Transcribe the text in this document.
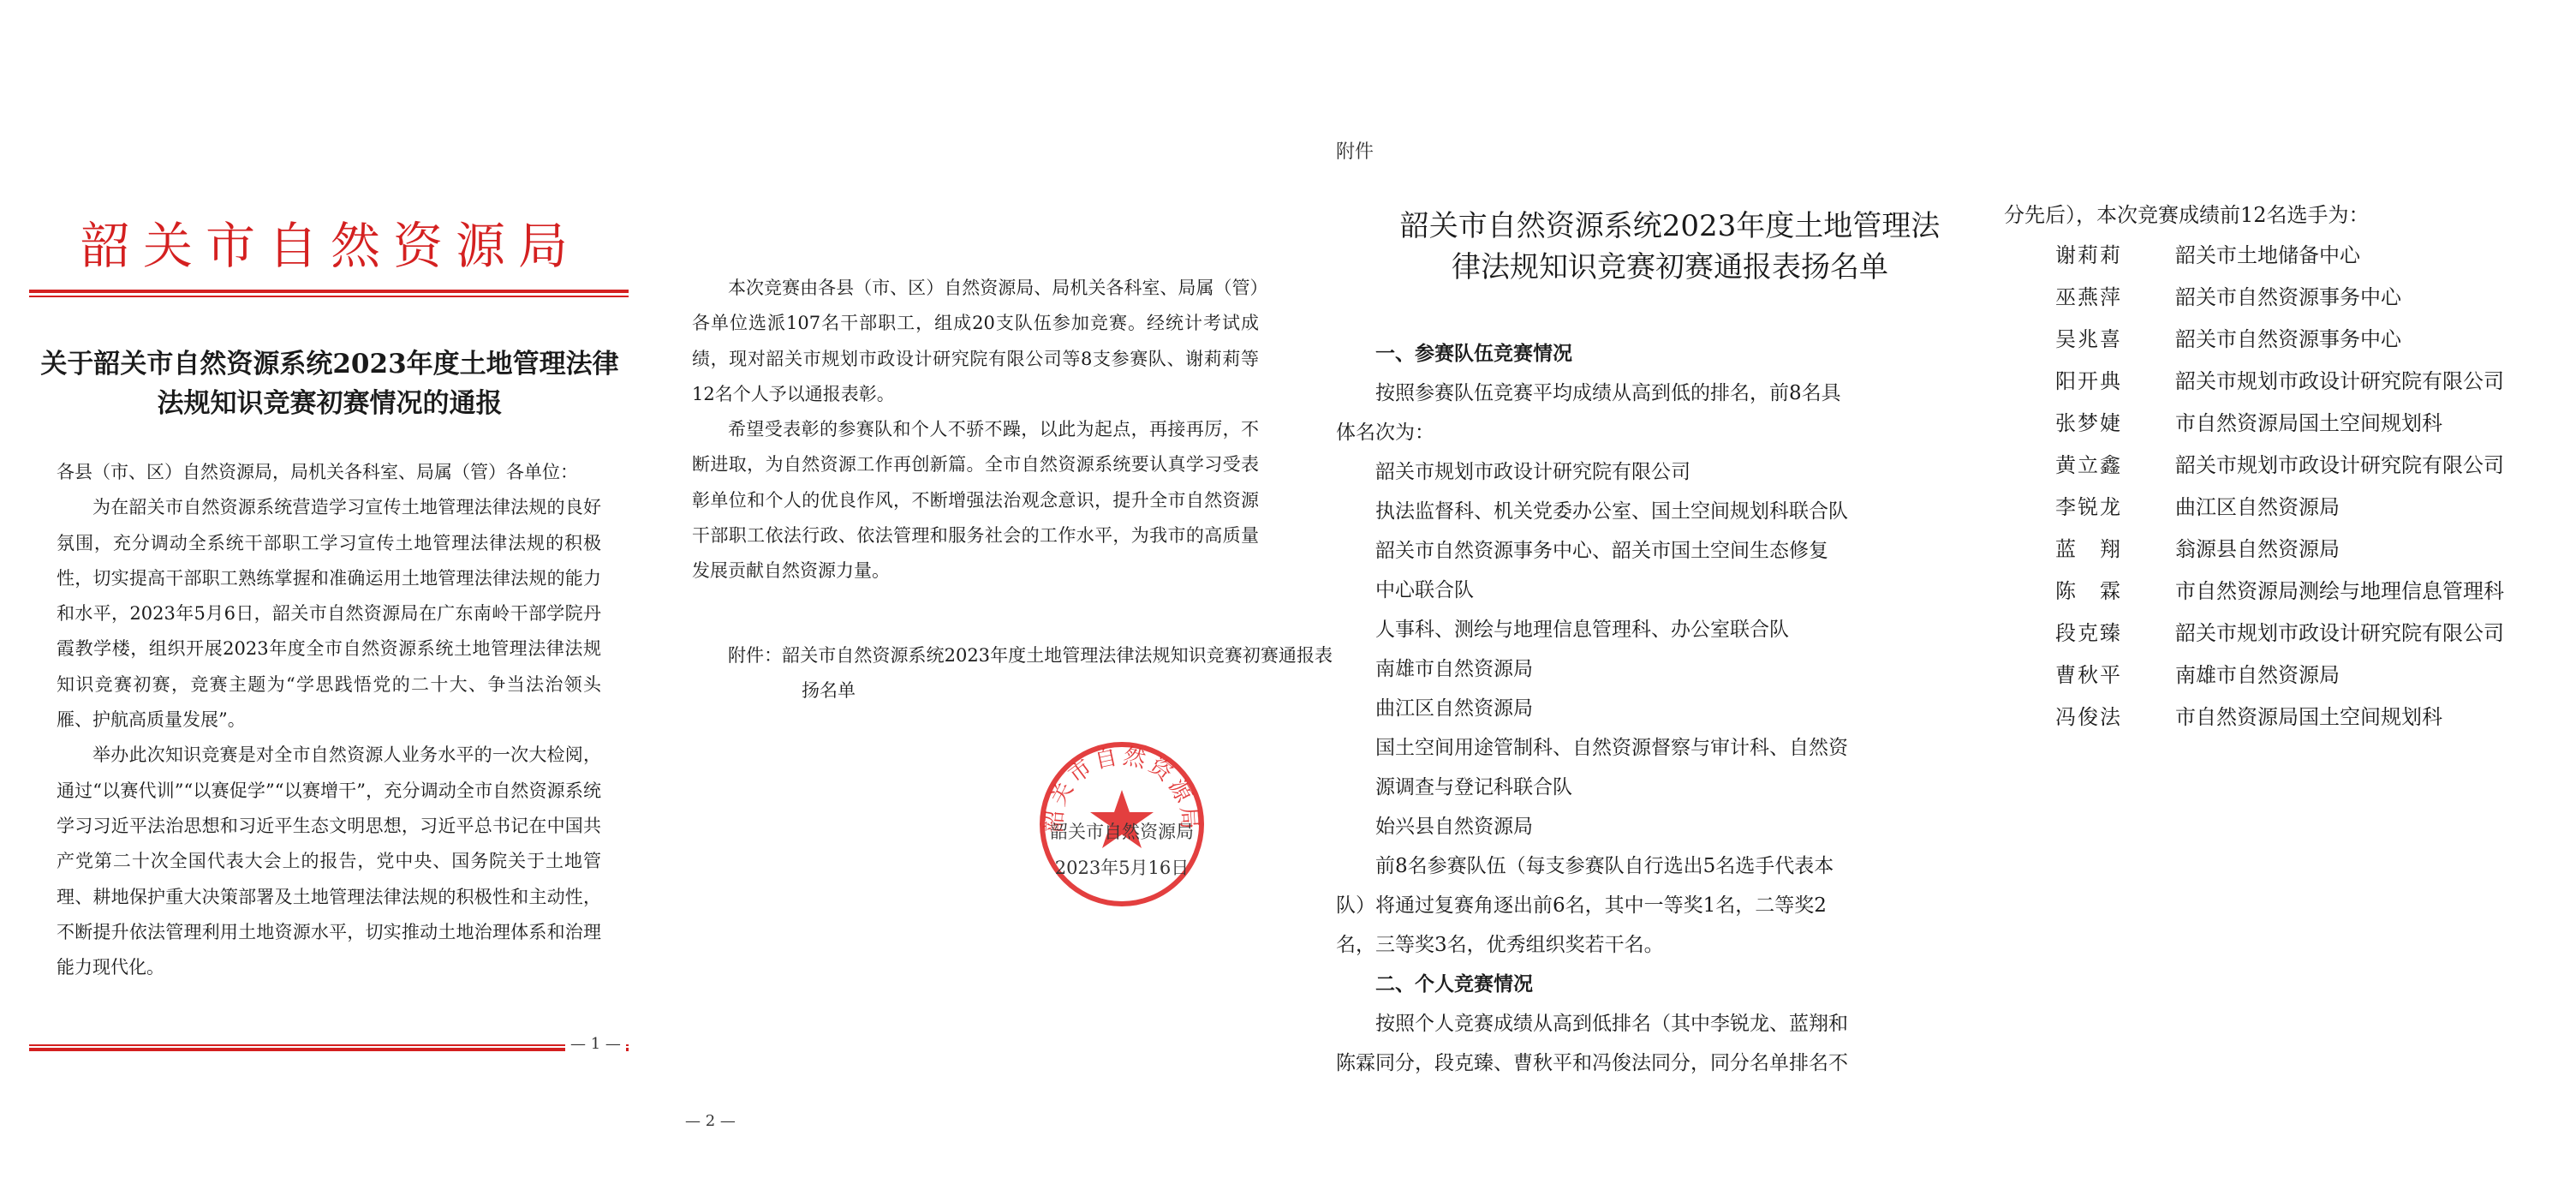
韶关市自然资源局
关于韶关市自然资源系统2023年度土地管理法律法规知识竞赛初赛情况的通报

各县（市、区）自然资源局，局机关各科室、局属（管）各单位：

为在韶关市自然资源系统营造学习宣传土地管理法律法规的良好氛围，充分调动全系统干部职工学习宣传土地管理法律法规的积极性，切实提高干部职工熟练掌握和准确运用土地管理法律法规的能力和水平，2023年5月6日，韶关市自然资源局在广东南岭干部学院丹霞教学楼，组织开展2023年度全市自然资源系统土地管理法律法规知识竞赛初赛，竞赛主题为“学思践悟党的二十大、争当法治领头雁、护航高质量发展”。

举办此次知识竞赛是对全市自然资源人业务水平的一次大检阅，通过“以赛代训”“以赛促学”“以赛增干”，充分调动全市自然资源系统学习习近平法治思想和习近平生态文明思想，习近平总书记在中国共产党第二十次全国代表大会上的报告，党中央、国务院关于土地管理、耕地保护重大决策部署及土地管理法律法规的积极性和主动性，不断提升依法管理利用土地资源水平，切实推动土地治理体系和治理能力现代化。

— 1 —

本次竞赛由各县（市、区）自然资源局、局机关各科室、局属（管）各单位选派107名干部职工，组成20支队伍参加竞赛。经统计考试成绩，现对韶关市规划市政设计研究院有限公司等8支参赛队、谢莉莉等12名个人予以通报表彰。

希望受表彰的参赛队和个人不骄不躁，以此为起点，再接再厉，不断进取，为自然资源工作再创新篇。全市自然资源系统要认真学习受表彰单位和个人的优良作风，不断增强法治观念意识，提升全市自然资源干部职工依法行政、依法管理和服务社会的工作水平，为我市的高质量发展贡献自然资源力量。

附件：韶关市自然资源系统2023年度土地管理法律法规知识竞赛初赛通报表扬名单
韶关市自然资源局
韶关市自然资源局
2023年5月16日
— 2 —
附件
韶关市自然资源系统2023年度土地管理法
律法规知识竞赛初赛通报表扬名单
一、参赛队伍竞赛情况
按照参赛队伍竞赛平均成绩从高到低的排名，前8名具
体名次为：
韶关市规划市政设计研究院有限公司
执法监督科、机关党委办公室、国土空间规划科联合队
韶关市自然资源事务中心、韶关市国土空间生态修复
中心联合队
人事科、测绘与地理信息管理科、办公室联合队
南雄市自然资源局
曲江区自然资源局
国土空间用途管制科、自然资源督察与审计科、自然资
源调查与登记科联合队
始兴县自然资源局
前8名参赛队伍（每支参赛队自行选出5名选手代表本
队）将通过复赛角逐出前6名，其中一等奖1名，二等奖2
名，三等奖3名，优秀组织奖若干名。
二、个人竞赛情况
按照个人竞赛成绩从高到低排名（其中李锐龙、蓝翔和
陈霖同分，段克臻、曹秋平和冯俊法同分，同分名单排名不
分先后），本次竞赛成绩前12名选手为：
谢莉莉	韶关市土地储备中心
巫燕萍	韶关市自然资源事务中心
吴兆喜	韶关市自然资源事务中心
阳开典	韶关市规划市政设计研究院有限公司
张梦婕	市自然资源局国土空间规划科
黄立鑫	韶关市规划市政设计研究院有限公司
李锐龙	曲江区自然资源局
蓝　翔	翁源县自然资源局
陈　霖	市自然资源局测绘与地理信息管理科
段克臻	韶关市规划市政设计研究院有限公司
曹秋平	南雄市自然资源局
冯俊法	市自然资源局国土空间规划科
